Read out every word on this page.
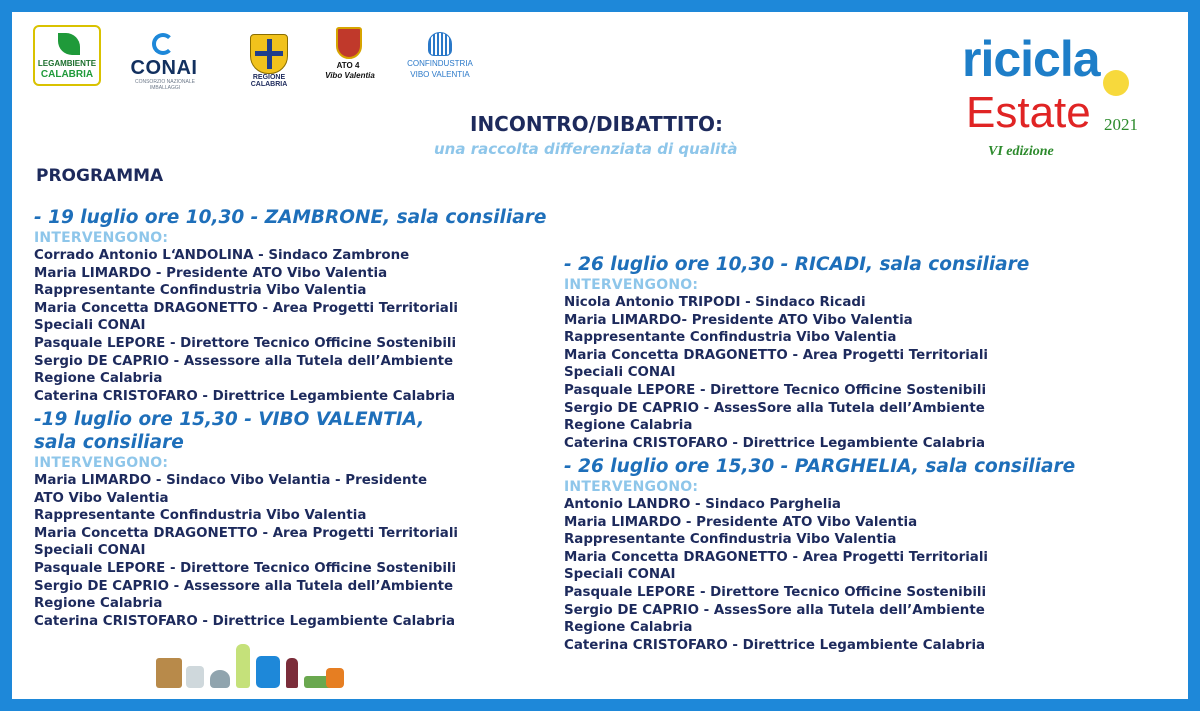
LEGAMBIENTE
CALABRIA	CONAI
CONSORZIO NAZIONALE IMBALLAGGI
REGIONE CALABRIA
ATO 4
Vibo Valentia
CONFINDUSTRIA
VIBO VALENTIA	ricicla
Estate 2021
VI edizione
INCONTRO/DIBATTITO:
una raccolta differenziata di qualità
PROGRAMMA
- 19 luglio ore 10,30 - ZAMBRONE, sala consiliare
INTERVENGONO:
Corrado Antonio L‘ANDOLINA - Sindaco Zambrone
Maria LIMARDO - Presidente ATO Vibo Valentia
Rappresentante Confindustria Vibo Valentia
Maria Concetta DRAGONETTO - Area Progetti Territoriali
Speciali CONAI
Pasquale LEPORE - Direttore Tecnico Officine Sostenibili
Sergio DE CAPRIO - Assessore alla Tutela dell’Ambiente
Regione Calabria
Caterina CRISTOFARO - Direttrice Legambiente Calabria
-19 luglio ore 15,30 - VIBO VALENTIA,
sala consiliare
INTERVENGONO:
Maria LIMARDO - Sindaco Vibo Velantia - Presidente
ATO Vibo Valentia
Rappresentante Confindustria Vibo Valentia
Maria Concetta DRAGONETTO - Area Progetti Territoriali
Speciali CONAI
Pasquale LEPORE - Direttore Tecnico Officine Sostenibili
Sergio DE CAPRIO - Assessore alla Tutela dell’Ambiente
Regione Calabria
Caterina CRISTOFARO - Direttrice Legambiente Calabria
- 26 luglio ore 10,30 - RICADI, sala consiliare
INTERVENGONO:
Nicola Antonio TRIPODI - Sindaco Ricadi
Maria LIMARDO- Presidente ATO Vibo Valentia
Rappresentante Confindustria Vibo Valentia
Maria Concetta DRAGONETTO - Area Progetti Territoriali
Speciali CONAI
Pasquale LEPORE - Direttore Tecnico Officine Sostenibili
Sergio DE CAPRIO - AssesSore alla Tutela dell’Ambiente
Regione Calabria
Caterina CRISTOFARO - Direttrice Legambiente Calabria
- 26 luglio ore 15,30 - PARGHELIA, sala consiliare
INTERVENGONO:
Antonio LANDRO - Sindaco Parghelia
Maria LIMARDO - Presidente ATO Vibo Valentia
Rappresentante Confindustria Vibo Valentia
Maria Concetta DRAGONETTO - Area Progetti Territoriali
Speciali CONAI
Pasquale LEPORE - Direttore Tecnico Officine Sostenibili
Sergio DE CAPRIO - AssesSore alla Tutela dell’Ambiente
Regione Calabria
Caterina CRISTOFARO - Direttrice Legambiente Calabria
